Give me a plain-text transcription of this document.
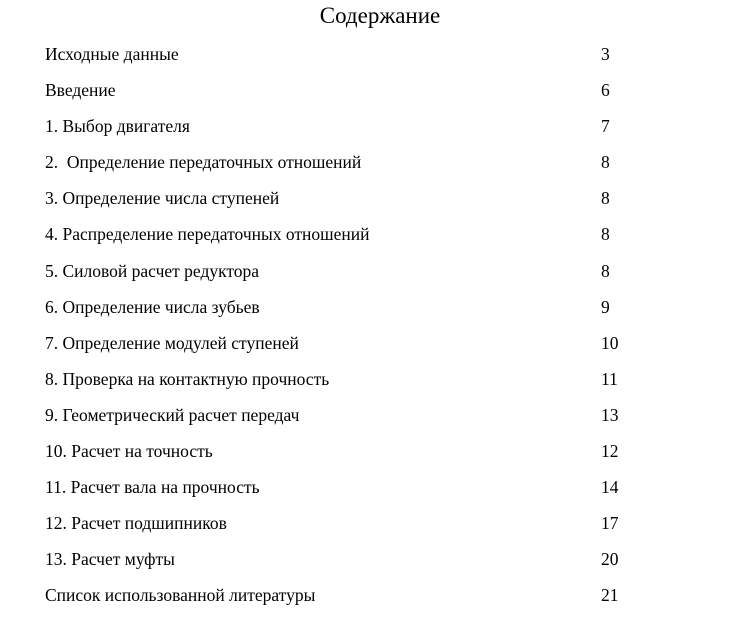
Содержание
Исходные данные	3
Введение	6
1. Выбор двигателя	7
2.  Определение передаточных отношений	8
3. Определение числа ступеней	8
4. Распределение передаточных отношений	8
5. Силовой расчет редуктора	8
6. Определение числа зубьев	9
7. Определение модулей ступеней	10
8. Проверка на контактную прочность	11
9. Геометрический расчет передач	13
10. Расчет на точность	12
11. Расчет вала на прочность	14
12. Расчет подшипников	17
13. Расчет муфты	20
Список использованной литературы	21
